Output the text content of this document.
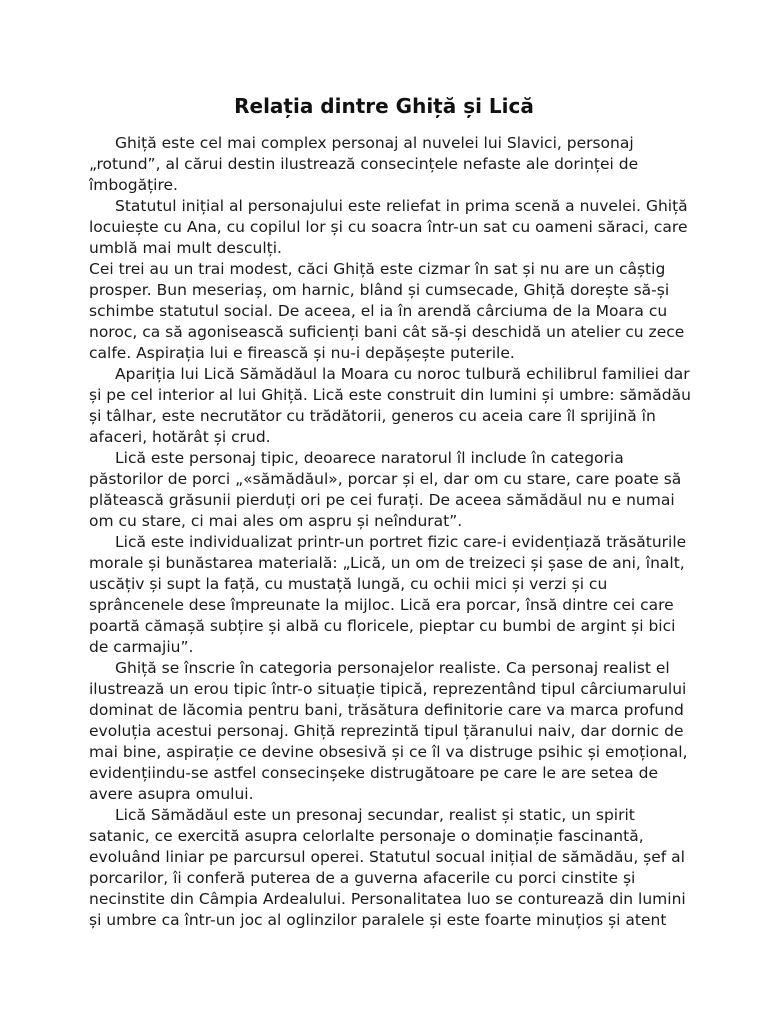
Relația dintre Ghiță și Lică
Ghiță este cel mai complex personaj al nuvelei lui Slavici, personaj
„rotund”, al cărui destin ilustrează consecințele nefaste ale dorinței de
îmbogățire.
Statutul inițial al personajului este reliefat in prima scenă a nuvelei. Ghiță
locuiește cu Ana, cu copilul lor și cu soacra într-un sat cu oameni săraci, care
umblă mai mult desculți.
Cei trei au un trai modest, căci Ghiță este cizmar în sat și nu are un câștig
prosper. Bun meseriaș, om harnic, blând și cumsecade, Ghiță dorește să-și
schimbe statutul social. De aceea, el ia în arendă cârciuma de la Moara cu
noroc, ca să agonisească suficienți bani cât să-și deschidă un atelier cu zece
calfe. Aspirația lui e firească și nu-i depășește puterile.
Apariția lui Lică Sămădăul la Moara cu noroc tulbură echilibrul familiei dar
și pe cel interior al lui Ghiță. Lică este construit din lumini și umbre: sămădău
și tâlhar, este necrutător cu trădătorii, generos cu aceia care îl sprijină în
afaceri, hotărât și crud.
Lică este personaj tipic, deoarece naratorul îl include în categoria
păstorilor de porci „«sămădăul», porcar și el, dar om cu stare, care poate să
plătească grăsunii pierduți ori pe cei furați. De aceea sămădăul nu e numai
om cu stare, ci mai ales om aspru și neîndurat”.
Lică este individualizat printr-un portret fizic care-i evidențiază trăsăturile
morale și bunăstarea materială: „Lică, un om de treizeci și șase de ani, înalt,
uscățiv și supt la față, cu mustață lungă, cu ochii mici și verzi și cu
sprâncenele dese împreunate la mijloc. Lică era porcar, însă dintre cei care
poartă cămașă subțire și albă cu floricele, pieptar cu bumbi de argint și bici
de carmajiu”.
Ghiță se înscrie în categoria personajelor realiste. Ca personaj realist el
ilustrează un erou tipic într-o situație tipică, reprezentând tipul cârciumarului
dominat de lăcomia pentru bani, trăsătura definitorie care va marca profund
evoluția acestui personaj. Ghiță reprezintă tipul țăranului naiv, dar dornic de
mai bine, aspirație ce devine obsesivă și ce îl va distruge psihic și emoțional,
evidențiindu-se astfel consecinșeke distrugătoare pe care le are setea de
avere asupra omului.
Lică Sămădăul este un presonaj secundar, realist și static, un spirit
satanic, ce exercită asupra celorlalte personaje o dominație fascinantă,
evoluând liniar pe parcursul operei. Statutul socual inițial de sămădău, șef al
porcarilor, îi conferă puterea de a guverna afacerile cu porci cinstite și
necinstite din Câmpia Ardealului. Personalitatea luo se conturează din lumini
și umbre ca într-un joc al oglinzilor paralele și este foarte minuțios și atent
